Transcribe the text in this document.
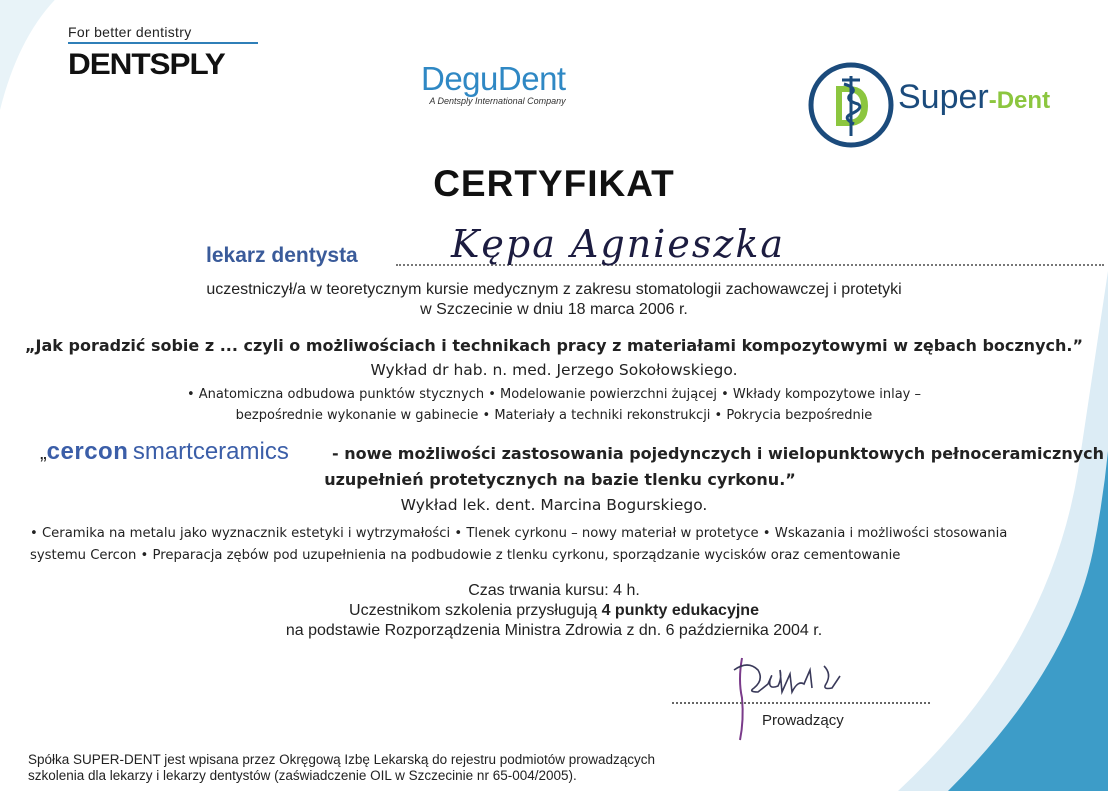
For better dentistry
DENTSPLY	DeguDent
A Dentsply International Company	Super-Dent
CERTYFIKAT
lekarz dentysta Kępa Agnieszka
uczestniczył/a w teoretycznym kursie medycznym z zakresu stomatologii zachowawczej i protetyki
w Szczecinie w dniu 18 marca 2006 r.
„Jak poradzić sobie z ... czyli o możliwościach i technikach pracy z materiałami kompozytowymi w zębach bocznych.”
Wykład dr hab. n. med. Jerzego Sokołowskiego.
• Anatomiczna odbudowa punktów stycznych • Modelowanie powierzchni żującej • Wkłady kompozytowe inlay –
bezpośrednie wykonanie w gabinecie • Materiały a techniki rekonstrukcji • Pokrycia bezpośrednie
„cercon smartceramics	- nowe możliwości zastosowania pojedynczych i wielopunktowych pełnoceramicznych
uzupełnień protetycznych na bazie tlenku cyrkonu.”
Wykład lek. dent. Marcina Bogurskiego.
• Ceramika na metalu jako wyznacznik estetyki i wytrzymałości • Tlenek cyrkonu – nowy materiał w protetyce • Wskazania i możliwości stosowania
systemu Cercon • Preparacja zębów pod uzupełnienia na podbudowie z tlenku cyrkonu, sporządzanie wycisków oraz cementowanie
Czas trwania kursu: 4 h.
Uczestnikom szkolenia przysługują 4 punkty edukacyjne
na podstawie Rozporządzenia Ministra Zdrowia z dn. 6 października 2004 r.
Prowadzący
Spółka SUPER-DENT jest wpisana przez Okręgową Izbę Lekarską do rejestru podmiotów prowadzących
szkolenia dla lekarzy i lekarzy dentystów (zaświadczenie OIL w Szczecinie nr 65-004/2005).
